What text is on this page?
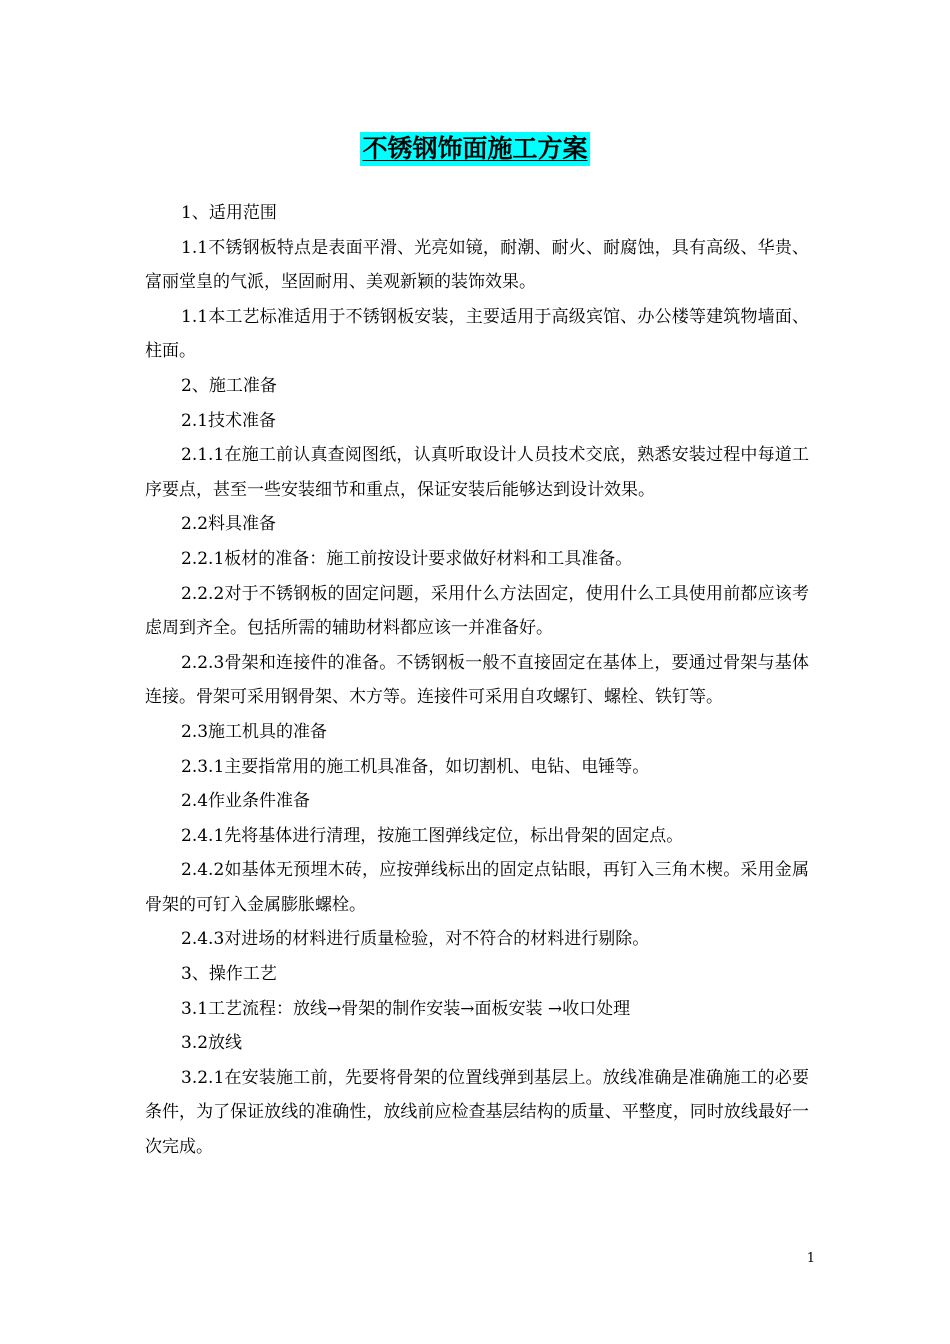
不锈钢饰面施工方案

1、适用范围

1.1不锈钢板特点是表面平滑、光亮如镜，耐潮、耐火、耐腐蚀，具有高级、华贵、富丽堂皇的气派，坚固耐用、美观新颖的装饰效果。

1.1本工艺标准适用于不锈钢板安装，主要适用于高级宾馆、办公楼等建筑物墙面、柱面。

2、施工准备

2.1技术准备

2.1.1在施工前认真查阅图纸，认真听取设计人员技术交底，熟悉安装过程中每道工序要点，甚至一些安装细节和重点，保证安装后能够达到设计效果。

2.2料具准备

2.2.1板材的准备：施工前按设计要求做好材料和工具准备。

2.2.2对于不锈钢板的固定问题，采用什么方法固定，使用什么工具使用前都应该考虑周到齐全。包括所需的辅助材料都应该一并准备好。

2.2.3骨架和连接件的准备。不锈钢板一般不直接固定在基体上，要通过骨架与基体连接。骨架可采用钢骨架、木方等。连接件可采用自攻螺钉、螺栓、铁钉等。

2.3施工机具的准备

2.3.1主要指常用的施工机具准备，如切割机、电钻、电锤等。

2.4作业条件准备

2.4.1先将基体进行清理，按施工图弹线定位，标出骨架的固定点。

2.4.2如基体无预埋木砖，应按弹线标出的固定点钻眼，再钉入三角木楔。采用金属骨架的可钉入金属膨胀螺栓。

2.4.3对进场的材料进行质量检验，对不符合的材料进行剔除。

3、操作工艺

3.1工艺流程：放线→骨架的制作安装→面板安装 →收口处理

3.2放线

3.2.1在安装施工前，先要将骨架的位置线弹到基层上。放线准确是准确施工的必要条件，为了保证放线的准确性，放线前应检查基层结构的质量、平整度，同时放线最好一次完成。

1
